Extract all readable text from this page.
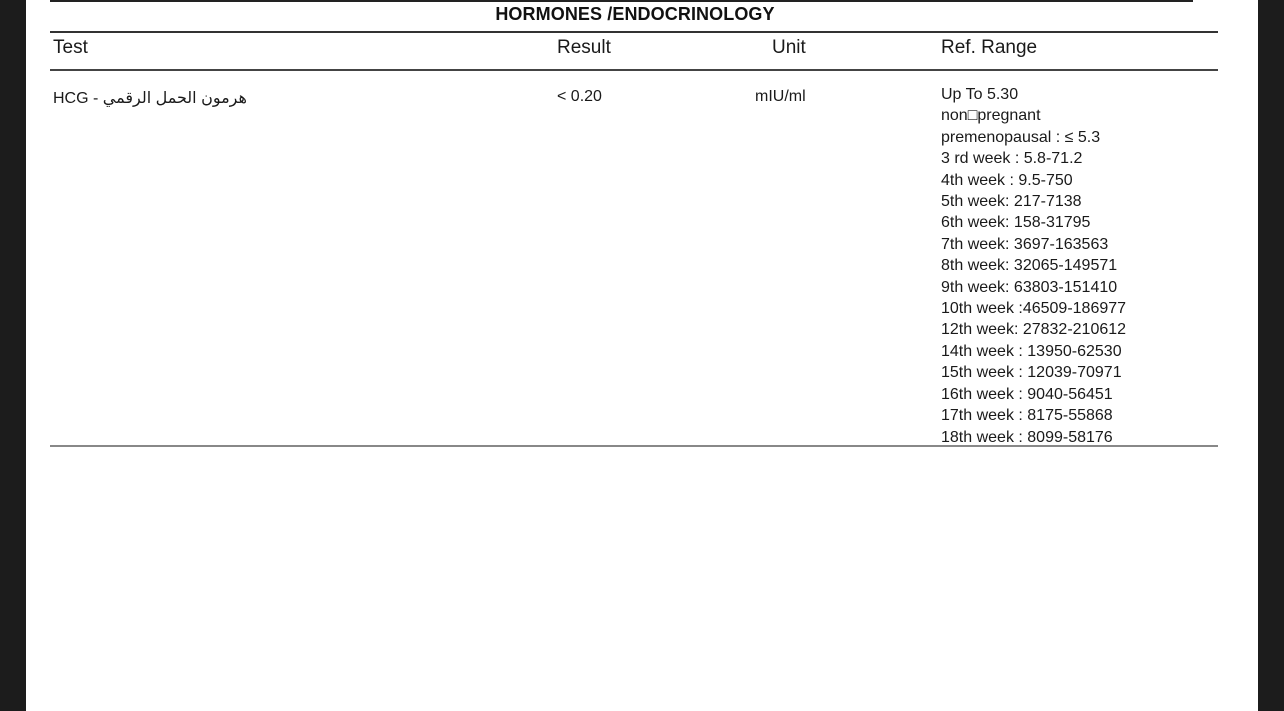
HORMONES /ENDOCRINOLOGY
Test	Result	Unit	Ref. Range
HCG - هرمون الحمل الرقمي	< 0.20	mIU/ml	Up To 5.30
non□pregnant
premenopausal : ≤ 5.3
3 rd week : 5.8-71.2
4th week : 9.5-750
5th week: 217-7138
6th week: 158-31795
7th week: 3697-163563
8th week: 32065-149571
9th week: 63803-151410
10th week :46509-186977
12th week: 27832-210612
14th week : 13950-62530
15th week : 12039-70971
16th week : 9040-56451
17th week : 8175-55868
18th week : 8099-58176
